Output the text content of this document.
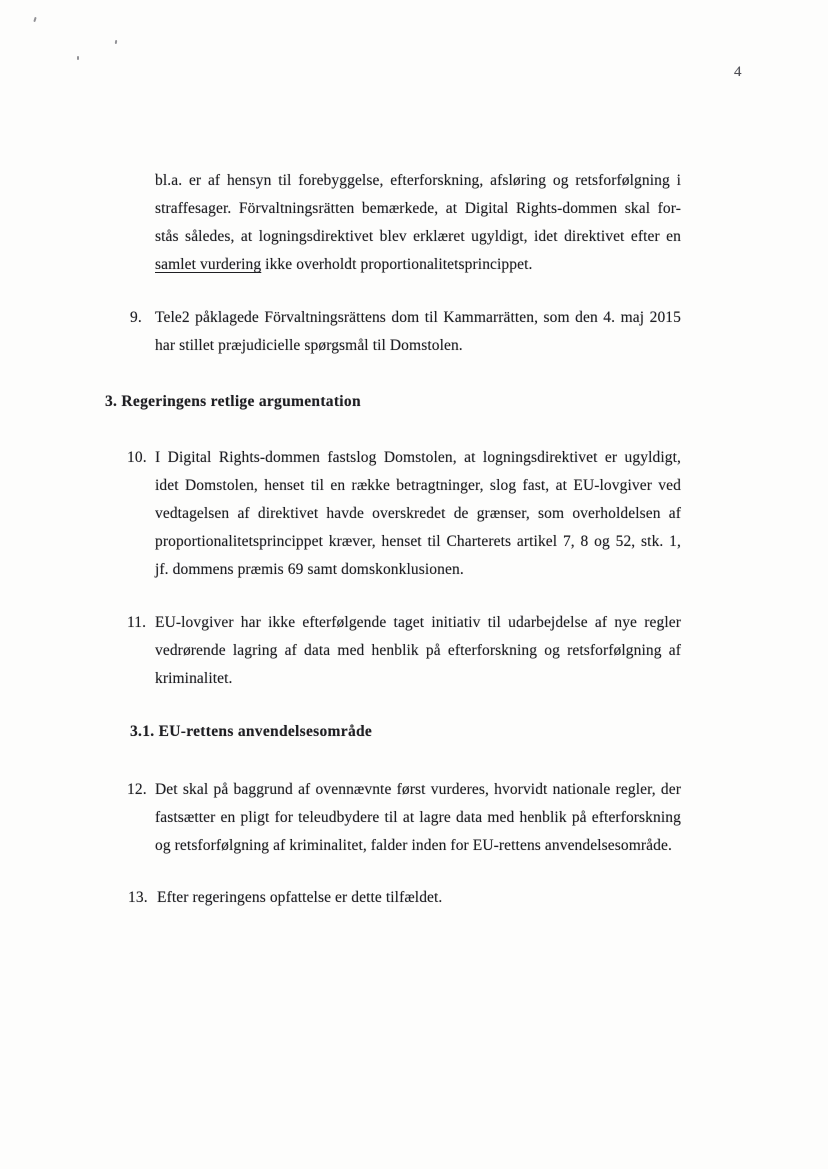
4
bl.a. er af hensyn til forebyggelse, efterforskning, afsløring og retsforfølgning i
straffesager. Förvaltningsrätten bemærkede, at Digital Rights-dommen skal for-
stås således, at logningsdirektivet blev erklæret ugyldigt, idet direktivet efter en
samlet vurdering ikke overholdt proportionalitetsprincippet.
9. Tele2 påklagede Förvaltningsrättens dom til Kammarrätten, som den 4. maj 2015
har stillet præjudicielle spørgsmål til Domstolen.
3. Regeringens retlige argumentation
10. I Digital Rights-dommen fastslog Domstolen, at logningsdirektivet er ugyldigt,
idet Domstolen, henset til en række betragtninger, slog fast, at EU-lovgiver ved
vedtagelsen af direktivet havde overskredet de grænser, som overholdelsen af
proportionalitetsprincippet kræver, henset til Charterets artikel 7, 8 og 52, stk. 1,
jf. dommens præmis 69 samt domskonklusionen.
11. EU-lovgiver har ikke efterfølgende taget initiativ til udarbejdelse af nye regler
vedrørende lagring af data med henblik på efterforskning og retsforfølgning af
kriminalitet.
3.1. EU-rettens anvendelsesområde
12. Det skal på baggrund af ovennævnte først vurderes, hvorvidt nationale regler, der
fastsætter en pligt for teleudbydere til at lagre data med henblik på efterforskning
og retsforfølgning af kriminalitet, falder inden for EU-rettens anvendelsesområde.
13. Efter regeringens opfattelse er dette tilfældet.
